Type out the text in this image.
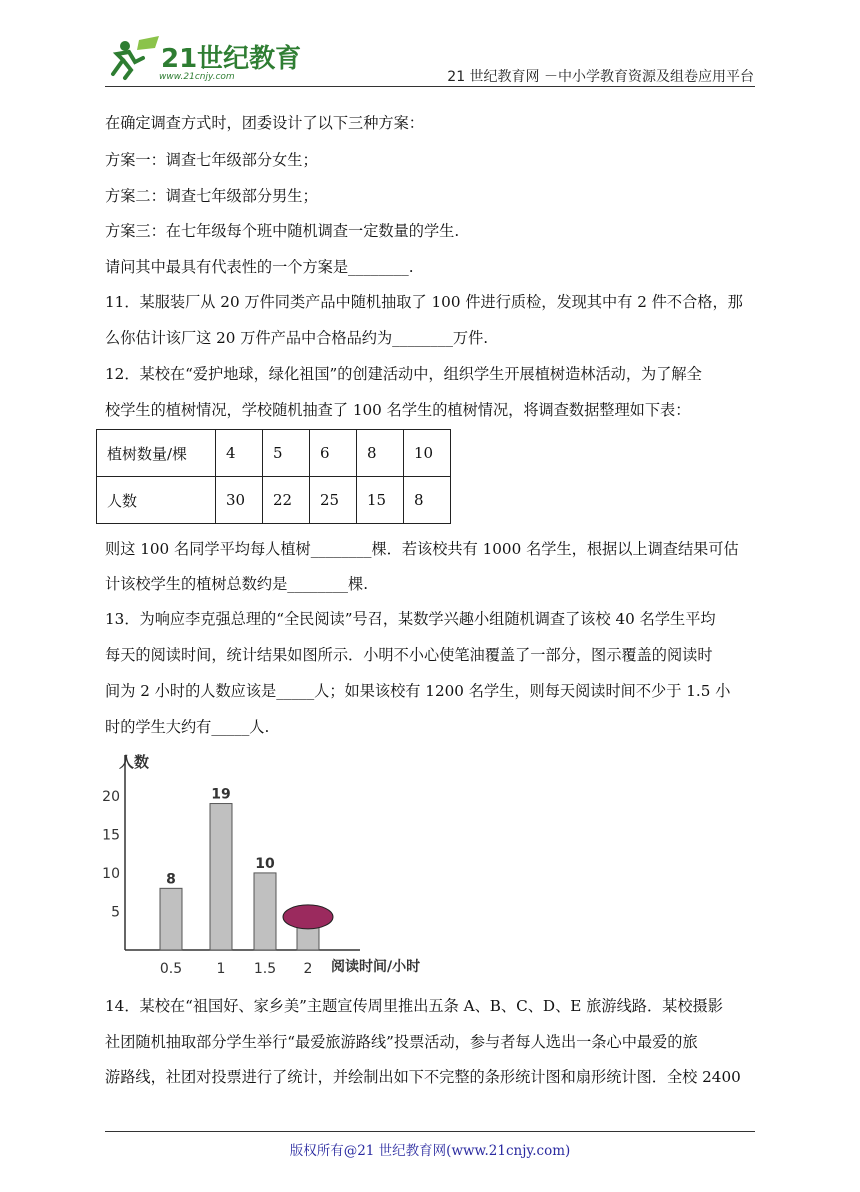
21世纪教育
www.21cnjy.com	21 世纪教育网 －中小学教育资源及组卷应用平台
在确定调查方式时，团委设计了以下三种方案：
方案一：调查七年级部分女生；
方案二：调查七年级部分男生；
方案三：在七年级每个班中随机调查一定数量的学生.
请问其中最具有代表性的一个方案是________.
11．某服装厂从 20 万件同类产品中随机抽取了 100 件进行质检，发现其中有 2 件不合格，那
么你估计该厂这 20 万件产品中合格品约为________万件.
12．某校在“爱护地球，绿化祖国”的创建活动中，组织学生开展植树造林活动，为了解全
校学生的植树情况，学校随机抽查了 100 名学生的植树情况，将调查数据整理如下表：
植树数量/棵	4	5	6	8	10
人数	30	22	25	15	8
则这 100 名同学平均每人植树________棵．若该校共有 1000 名学生，根据以上调查结果可估
计该校学生的植树总数约是________棵.
13．为响应李克强总理的“全民阅读”号召，某数学兴趣小组随机调查了该校 40 名学生平均
每天的阅读时间，统计结果如图所示．小明不小心使笔油覆盖了一部分，图示覆盖的阅读时
间为 2 小时的人数应该是_____人；如果该校有 1200 名学生，则每天阅读时间不少于 1.5 小
时的学生大约有_____人.
人数
阅读时间/小时
5
10
15
20
8
0.5
19
1
10
1.5 2
14．某校在“祖国好、家乡美”主题宣传周里推出五条 A、B、C、D、E 旅游线路．某校摄影
社团随机抽取部分学生举行“最爱旅游路线”投票活动，参与者每人选出一条心中最爱的旅
游路线，社团对投票进行了统计，并绘制出如下不完整的条形统计图和扇形统计图．全校 2400
版权所有@21 世纪教育网(www.21cnjy.com)
